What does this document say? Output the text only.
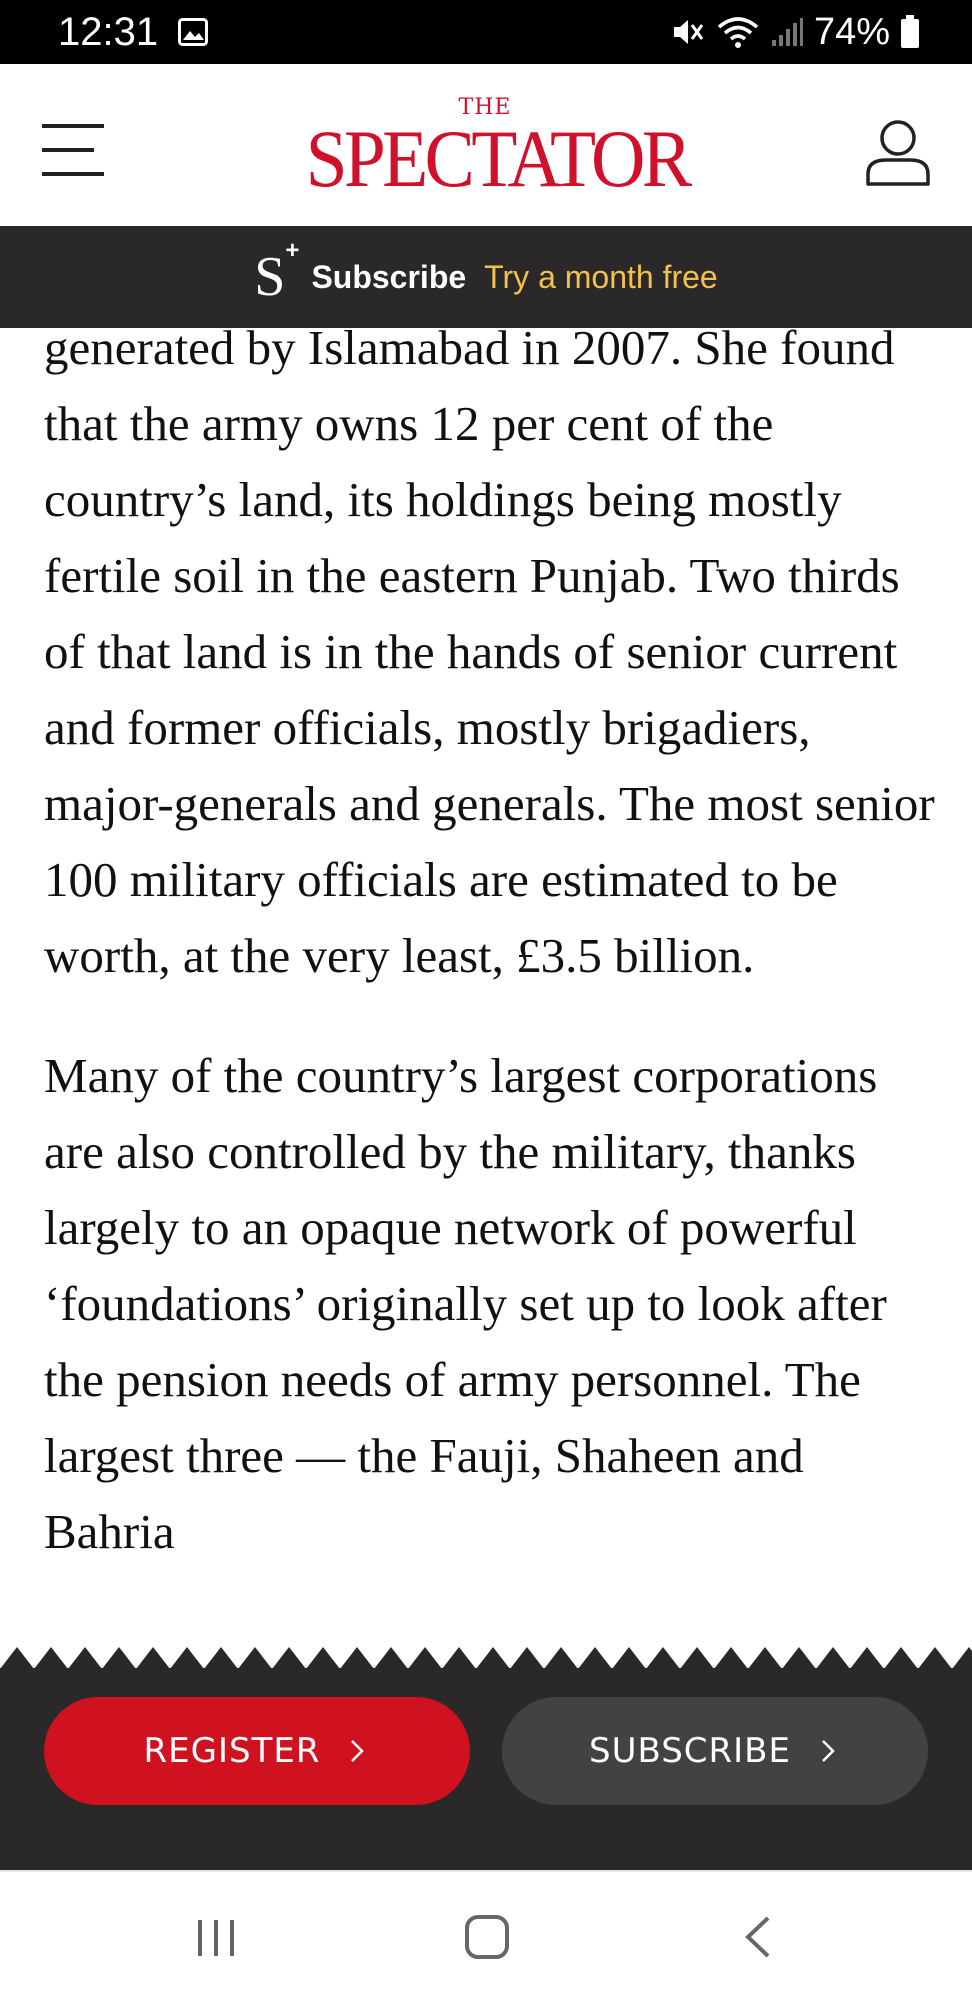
12:31	74%
THE
SPECTATOR
S +
Subscribe Try a month free

generated by Islamabad in 2007. She found that the army owns 12 per cent of the country’s land, its holdings being mostly fertile soil in the eastern Punjab. Two thirds of that land is in the hands of senior current and former officials, mostly brigadiers, major-generals and generals. The most senior 100 military officials are estimated to be worth, at the very least, £3.5 billion.

Many of the country’s largest corporations are also controlled by the military, thanks largely to an opaque network of powerful ‘foundations’ originally set up to look after the pension needs of army personnel. The largest three — the Fauji, Shaheen and Bahria

REGISTER	SUBSCRIBE
